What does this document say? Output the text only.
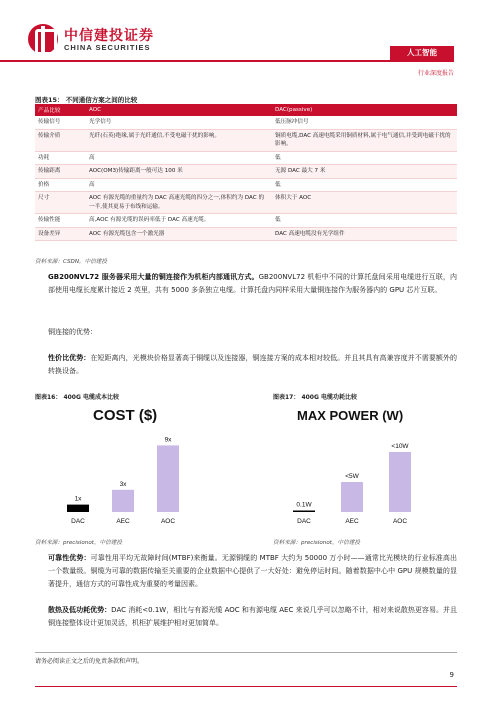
中信建投证券
CHINA SECURITIES
人工智能
行业深度报告
图表15： 不同通信方案之间的比较
产品比较	AOC	DAC(passive)
传输信号	光学信号	低压脉冲信号
传输介质	光纤(石英)绝缘,属于光纤通信,不受电磁干扰的影响。	铜质电缆,DAC 高速电缆采用铜质材料,属于电气通信,并受到电磁干扰的影响。
功耗	高	低
传输距离	AOC(OM3)传输距离一般可达 100 米	无源 DAC 最大 7 米
价格	高	低
尺寸	AOC 有源光缆的重量约为 DAC 高速光缆的四分之一,体积约为 DAC 的一半,使其更易于布线和运输。	体积大于 AOC
传输性能	高,AOC 有源光缆的误码率低于 DAC 高速光缆。	低
设备差异	AOC 有源光缆包含一个激光器	DAC 高速电缆没有光学组件
资料来源：CSDN，中信建投
GB200NVL72 服务器采用大量的铜连接作为机柜内部通讯方式。GB200NVL72 机柜中不同的计算托盘间采用电缆进行互联，内部使用电缆长度累计接近 2 英里，共有 5000 多条独立电缆。计算托盘内同样采用大量铜连接作为服务器内的 GPU 芯片互联。
铜连接的优势：
性价比优势：在短距离内，光模块价格显著高于铜缆以及连接器，铜连接方案的成本相对较低。并且其具有高兼容度并不需要额外的转换设备。
图表16： 400G 电缆成本比较	图表17： 400G 电缆功耗比较
COST ($)
1x
DAC
3x
AEC
9x
AOC
MAX POWER (W)
0.1W
DAC
<5W
AEC
<10W
AOC
资料来源：precisionot，中信建投	资料来源：precisionot，中信建投
可靠性优势：可靠性用平均无故障时间(MTBF)来衡量。无源铜缆的 MTBF 大约为 50000 万小时——通常比光模块的行业标准高出一个数量级。铜缆为可靠的数据传输至关重要的企业数据中心提供了一大好处：避免停运时间。随着数据中心中 GPU 规模数量的显著提升，通信方式的可靠性成为重要的考量因素。
散热及低功耗优势：DAC 消耗<0.1W，相比与有源光缆 AOC 和有源电缆 AEC 来说几乎可以忽略不计，相对来说散热更容易。并且铜连接整体设计更加灵活，机柜扩展维护相对更加简单。
请务必阅读正文之后的免责条款和声明。
9
